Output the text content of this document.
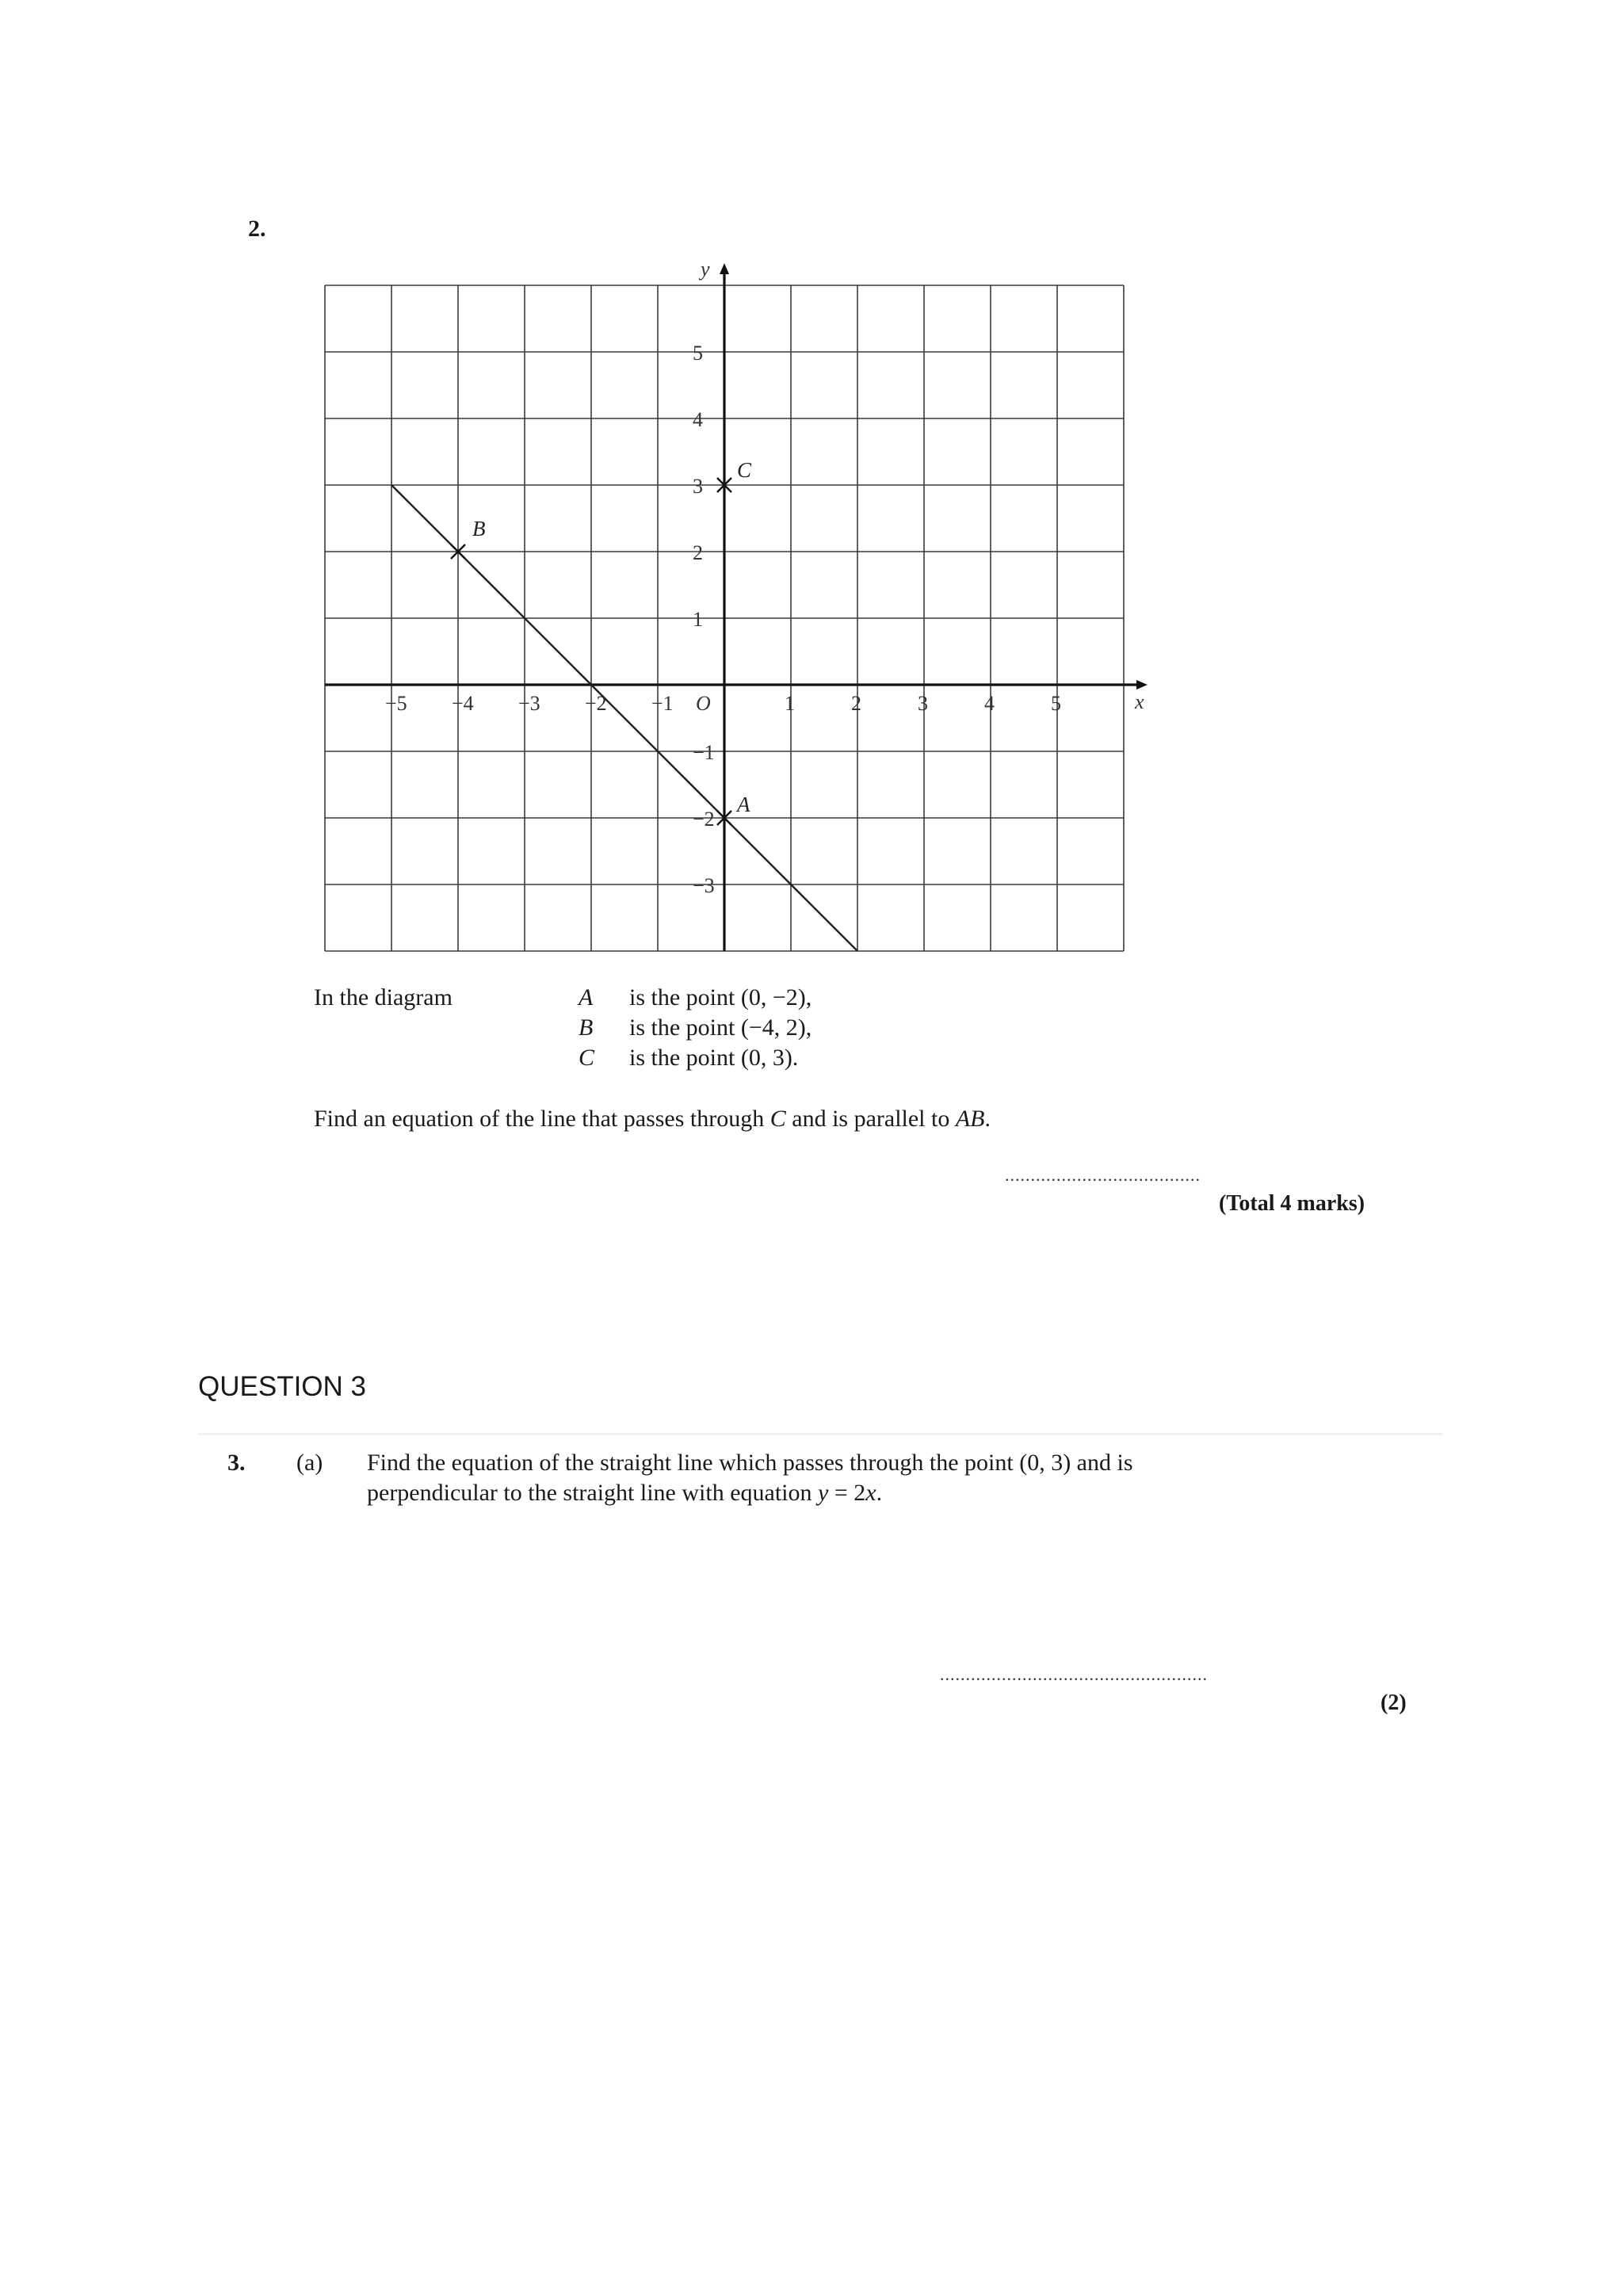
2.
x
y
O
−5 −4 −3 −2 −1	1	2	3	4	5
5
4
3
2
1
−1
−2
−3
A
B
C
In the diagram	A is the point (0, −2),
B is the point (−4, 2),
C is the point (0, 3).
Find an equation of the line that passes through C and is parallel to AB.
......................................
(Total 4 marks)
QUESTION 3
3. (a) Find the equation of the straight line which passes through the point (0, 3) and is
perpendicular to the straight line with equation y = 2x.
....................................................
(2)
